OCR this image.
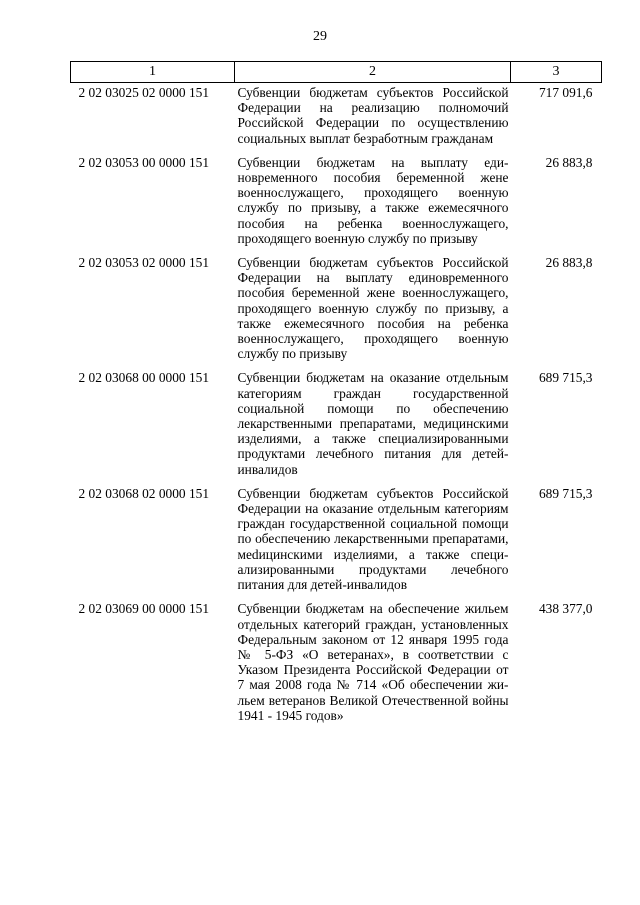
29
1	2	3
2 02 03025 02 0000 151	Субвенции бюджетам субъектов Российской Федерации на реализацию полномочий Российской Федерации по осуществлению социальных выплат безработным гражданам	717 091,6
2 02 03053 00 0000 151	Субвенции бюджетам на выплату единовременного пособия беременной жене военнослужащего, проходящего военную службу по призыву, а также ежемесячного пособия на ребенка военнослужащего, проходящего военную службу по призыву	26 883,8
2 02 03053 02 0000 151	Субвенции бюджетам субъектов Российской Федерации на выплату единовременного пособия беременной жене военнослужащего, проходящего военную службу по призыву, а также ежемесячного пособия на ребенка военнослужащего, проходящего военную службу по призыву	26 883,8
2 02 03068 00 0000 151	Субвенции бюджетам на оказание отдельным категориям граждан государственной социальной помощи по обеспечению лекарственными препаратами, медицинскими изделиями, а также специализированными продуктами лечебного питания для детей-инвалидов	689 715,3
2 02 03068 02 0000 151	Субвенции бюджетам субъектов Российской Федерации на оказание отдельным категориям граждан государственной социальной помощи по обеспечению лекарственными препаратами, меdицинскими изделиями, а также специализированными продуктами лечебного питания для детей-инвалидов	689 715,3
2 02 03069 00 0000 151	Субвенции бюджетам на обеспечение жильем отдельных категорий граждан, установленных Федеральным законом от 12 января 1995 года № 5-ФЗ «О ветеранах», в соответствии с Указом Президента Российской Федерации от 7 мая 2008 года № 714 «Об обеспечении жильем ветеранов Великой Отечественной войны 1941 - 1945 годов»	438 377,0
